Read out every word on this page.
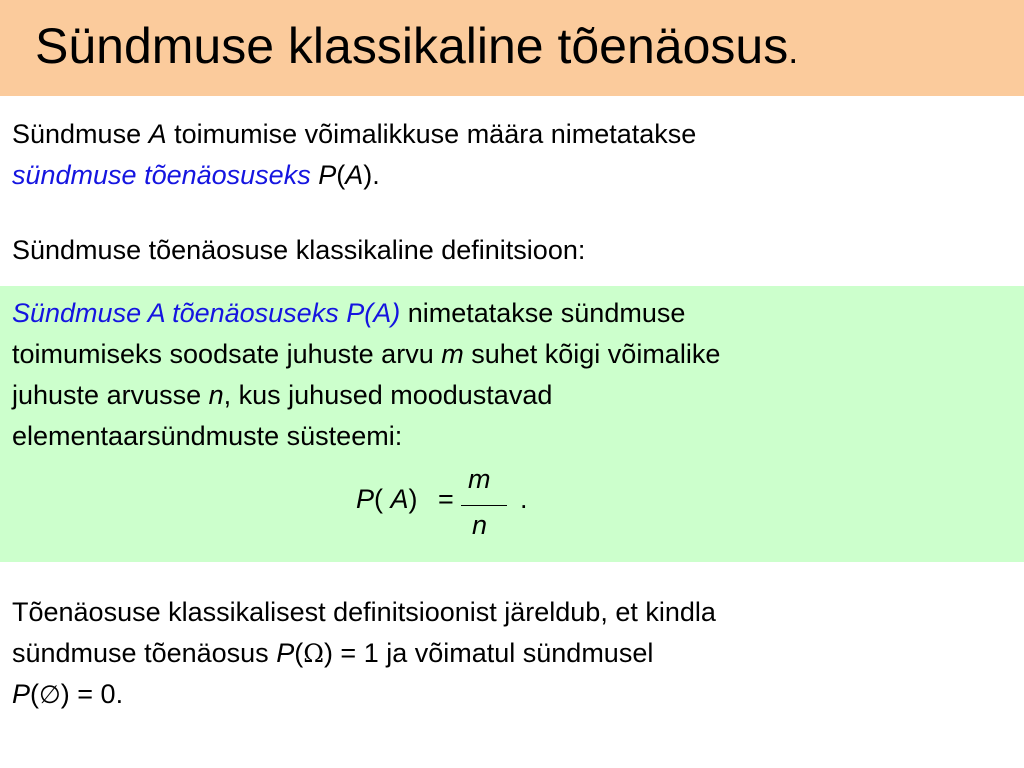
Sündmuse klassikaline tõenäosus.
Sündmuse A toimumise võimalikkuse määra nimetatakse
sündmuse tõenäosuseks P(A).
Sündmuse tõenäosuse klassikaline definitsioon:
Sündmuse A tõenäosuseks P(A) nimetatakse sündmuse
toimumiseks soodsate juhuste arvu m suhet kõigi võimalike
juhuste arvusse n, kus juhused moodustavad
elementaarsündmuste süsteemi:
P( A) =
m
n
.
Tõenäosuse klassikalisest definitsioonist järeldub, et kindla
sündmuse tõenäosus P(Ω) = 1 ja võimatul sündmusel
P(∅) = 0.
